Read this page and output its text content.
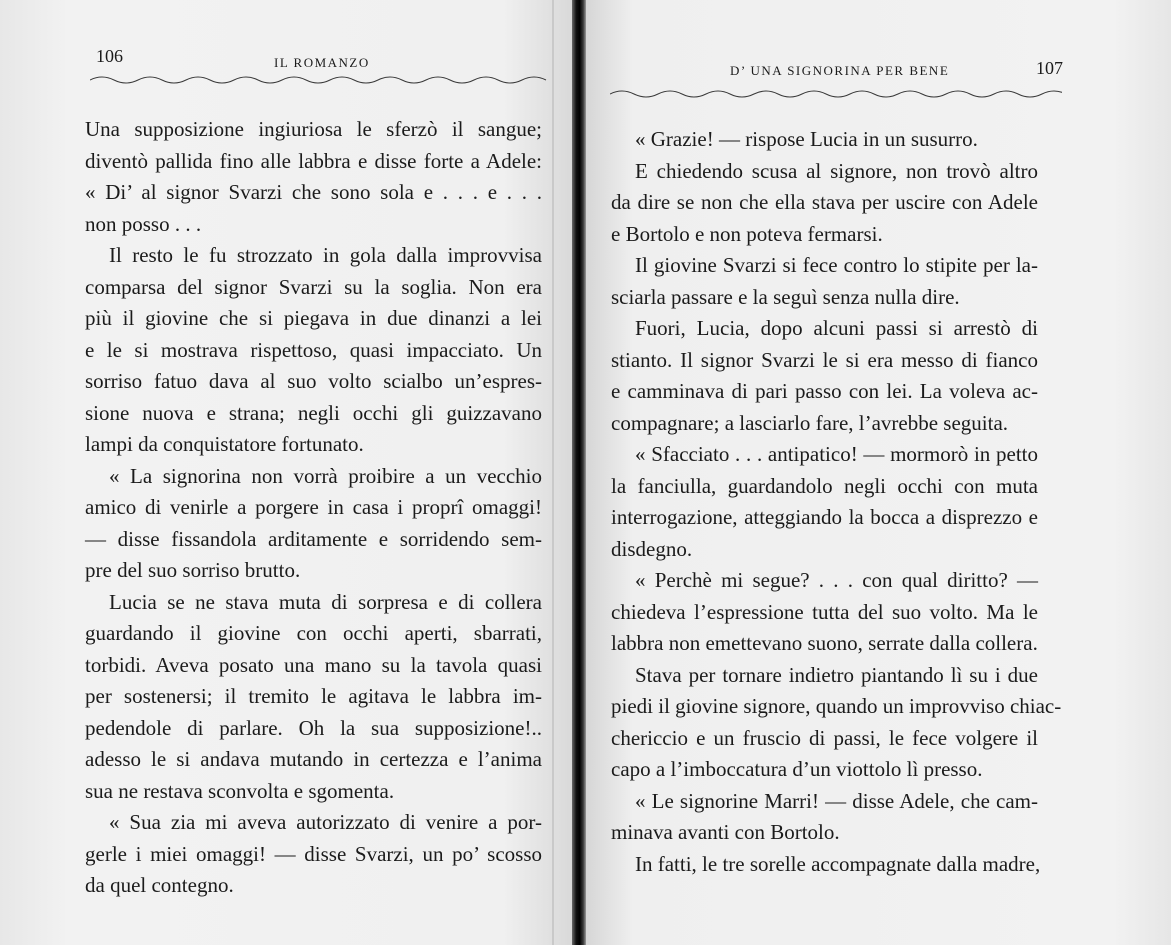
106	IL ROMANZO
Una supposizione ingiuriosa le sferzò il sangue;
diventò pallida fino alle labbra e disse forte a Adele:
« Di’ al signor Svarzi che sono sola e . . . e . . .
non posso . . .
Il resto le fu strozzato in gola dalla improvvisa
comparsa del signor Svarzi su la soglia. Non era
più il giovine che si piegava in due dinanzi a lei
e le si mostrava rispettoso, quasi impacciato. Un
sorriso fatuo dava al suo volto scialbo un’espres-
sione nuova e strana; negli occhi gli guizzavano
lampi da conquistatore fortunato.
« La signorina non vorrà proibire a un vecchio
amico di venirle a porgere in casa i proprî omaggi!
— disse fissandola arditamente e sorridendo sem-
pre del suo sorriso brutto.
Lucia se ne stava muta di sorpresa e di collera
guardando il giovine con occhi aperti, sbarrati,
torbidi. Aveva posato una mano su la tavola quasi
per sostenersi; il tremito le agitava le labbra im-
pedendole di parlare. Oh la sua supposizione!..
adesso le si andava mutando in certezza e l’anima
sua ne restava sconvolta e sgomenta.
« Sua zia mi aveva autorizzato di venire a por-
gerle i miei omaggi! — disse Svarzi, un po’ scosso
da quel contegno.
D’ UNA SIGNORINA PER BENE	107
« Grazie! — rispose Lucia in un susurro.
E chiedendo scusa al signore, non trovò altro
da dire se non che ella stava per uscire con Adele
e Bortolo e non poteva fermarsi.
Il giovine Svarzi si fece contro lo stipite per la-
sciarla passare e la seguì senza nulla dire.
Fuori, Lucia, dopo alcuni passi si arrestò di
stianto. Il signor Svarzi le si era messo di fianco
e camminava di pari passo con lei. La voleva ac-
compagnare; a lasciarlo fare, l’avrebbe seguita.
« Sfacciato . . . antipatico! — mormorò in petto
la fanciulla, guardandolo negli occhi con muta
interrogazione, atteggiando la bocca a disprezzo e
disdegno.
« Perchè mi segue? . . . con qual diritto? —
chiedeva l’espressione tutta del suo volto. Ma le
labbra non emettevano suono, serrate dalla collera.
Stava per tornare indietro piantando lì su i due
piedi il giovine signore, quando un improvviso chiac-
chericcio e un fruscio di passi, le fece volgere il
capo a l’imboccatura d’un viottolo lì presso.
« Le signorine Marri! — disse Adele, che cam-
minava avanti con Bortolo.
In fatti, le tre sorelle accompagnate dalla madre,
